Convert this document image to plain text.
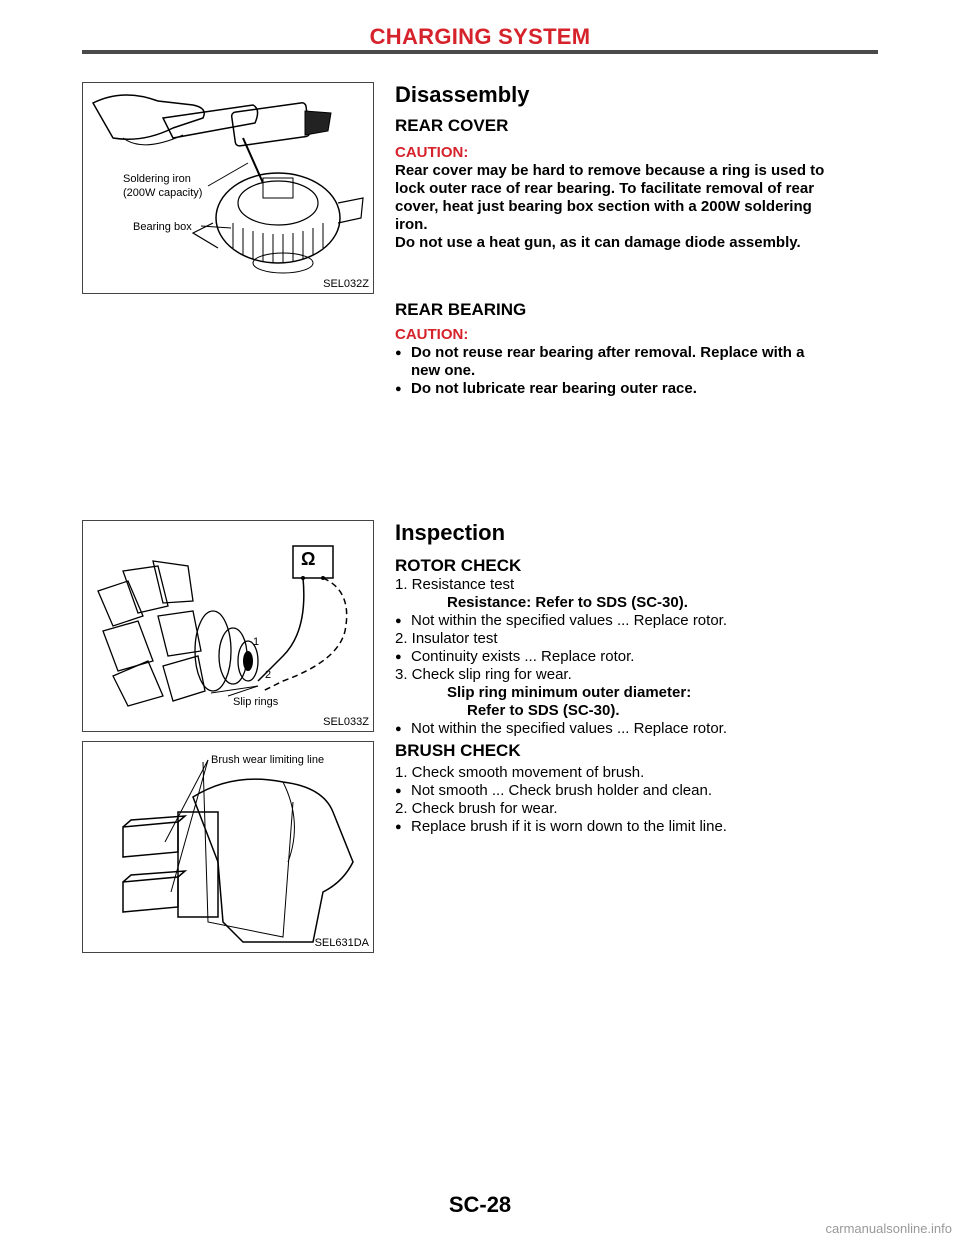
CHARGING SYSTEM
Soldering iron
(200W capacity)
Bearing box
SEL032Z
Disassembly
REAR COVER
CAUTION:
Rear cover may be hard to remove because a ring is used to
lock outer race of rear bearing. To facilitate removal of rear
cover, heat just bearing box section with a 200W soldering
iron.
Do not use a heat gun, as it can damage diode assembly.
REAR BEARING
CAUTION:
● Do not reuse rear bearing after removal. Replace with a
new one.
● Do not lubricate rear bearing outer race.
Ω
1
2
Slip rings
SEL033Z
Brush wear limiting line
SEL631DA
Inspection
ROTOR CHECK
1. Resistance test
Resistance: Refer to SDS (SC-30).
● Not within the specified values ... Replace rotor.
2. Insulator test
● Continuity exists ... Replace rotor.
3. Check slip ring for wear.
Slip ring minimum outer diameter:
Refer to SDS (SC-30).
● Not within the specified values ... Replace rotor.
BRUSH CHECK
1. Check smooth movement of brush.
● Not smooth ... Check brush holder and clean.
2. Check brush for wear.
● Replace brush if it is worn down to the limit line.
SC-28
carmanualsonline.info
